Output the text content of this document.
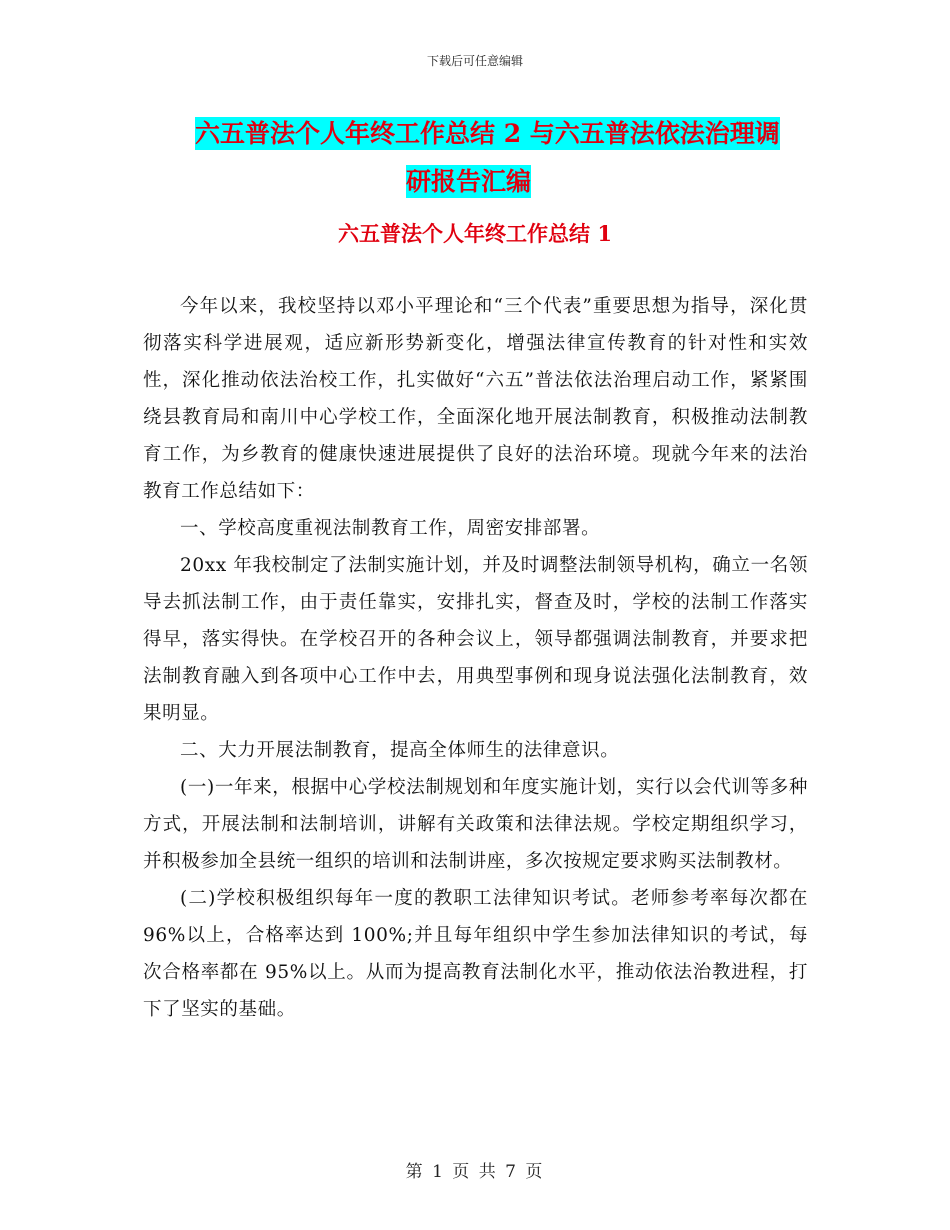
下载后可任意编辑
六五普法个人年终工作总结 2 与六五普法依法治理调
研报告汇编
六五普法个人年终工作总结 1

今年以来，我校坚持以邓小平理论和“三个代表”重要思想为指导，深化贯彻落实科学进展观，适应新形势新变化，增强法律宣传教育的针对性和实效性，深化推动依法治校工作，扎实做好“六五”普法依法治理启动工作，紧紧围绕县教育局和南川中心学校工作，全面深化地开展法制教育，积极推动法制教育工作，为乡教育的健康快速进展提供了良好的法治环境。现就今年来的法治教育工作总结如下：

一、学校高度重视法制教育工作，周密安排部署。

20xx 年我校制定了法制实施计划，并及时调整法制领导机构，确立一名领导去抓法制工作，由于责任靠实，安排扎实，督查及时，学校的法制工作落实得早，落实得快。在学校召开的各种会议上，领导都强调法制教育，并要求把法制教育融入到各项中心工作中去，用典型事例和现身说法强化法制教育，效果明显。

二、大力开展法制教育，提高全体师生的法律意识。

(一)一年来，根据中心学校法制规划和年度实施计划，实行以会代训等多种方式，开展法制和法制培训，讲解有关政策和法律法规。学校定期组织学习，并积极参加全县统一组织的培训和法制讲座，多次按规定要求购买法制教材。

(二)学校积极组织每年一度的教职工法律知识考试。老师参考率每次都在 96%以上，合格率达到 100%;并且每年组织中学生参加法律知识的考试，每次合格率都在 95%以上。从而为提高教育法制化水平，推动依法治教进程，打下了坚实的基础。

第 1 页 共 7 页
